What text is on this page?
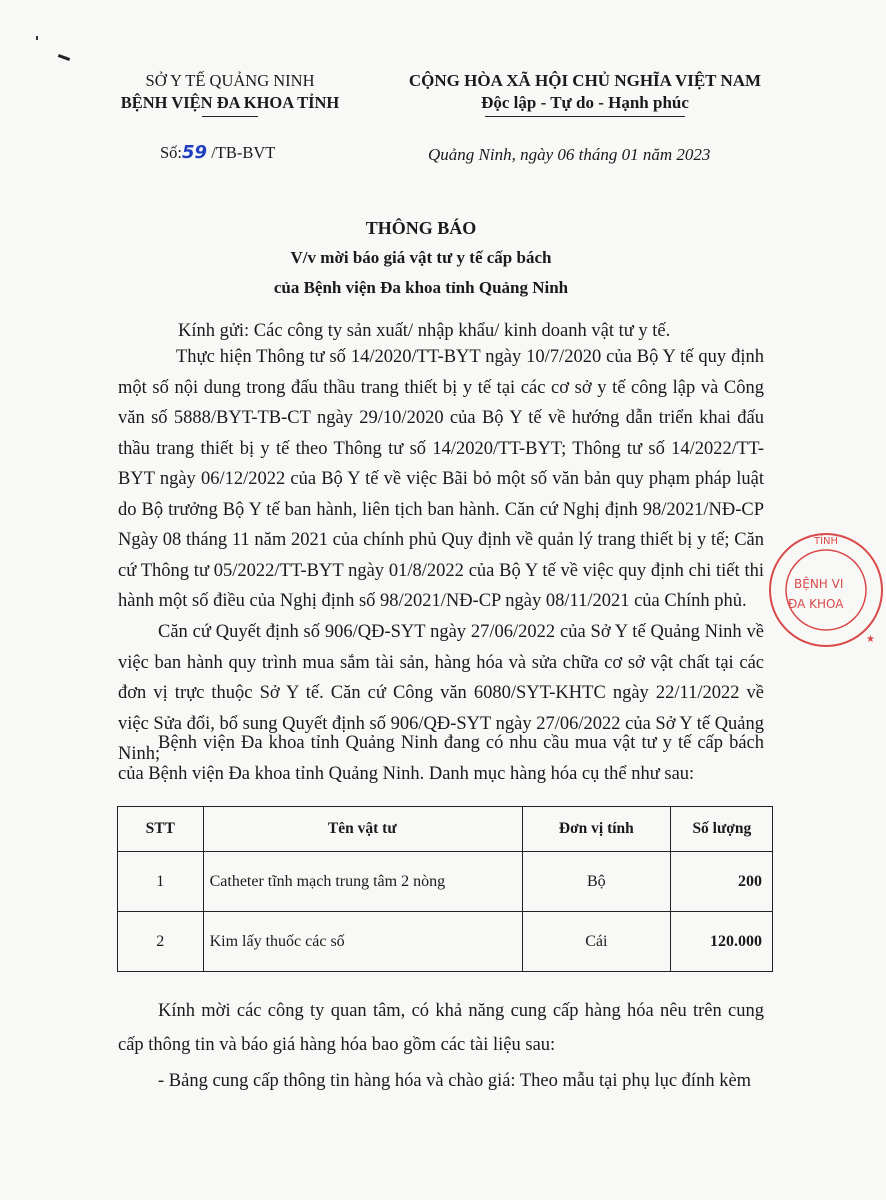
SỞ Y TẾ QUẢNG NINH
BỆNH VIỆN ĐA KHOA TỈNH
CỘNG HÒA XÃ HỘI CHỦ NGHĨA VIỆT NAM
Độc lập - Tự do - Hạnh phúc
Số:59 /TB-BVT	Quảng Ninh, ngày 06 tháng 01 năm 2023
THÔNG BÁO
V/v mời báo giá vật tư y tế cấp bách
của Bệnh viện Đa khoa tỉnh Quảng Ninh

Kính gửi: Các công ty sản xuất/ nhập khẩu/ kinh doanh vật tư y tế.

Thực hiện Thông tư số 14/2020/TT-BYT ngày 10/7/2020 của Bộ Y tế quy định một số nội dung trong đấu thầu trang thiết bị y tế tại các cơ sở y tế công lập và Công văn số 5888/BYT-TB-CT ngày 29/10/2020 của Bộ Y tế về hướng dẫn triển khai đấu thầu trang thiết bị y tế theo Thông tư số 14/2020/TT-BYT; Thông tư số 14/2022/TT-BYT ngày 06/12/2022 của Bộ Y tế về việc Bãi bỏ một số văn bản quy phạm pháp luật do Bộ trưởng Bộ Y tế ban hành, liên tịch ban hành. Căn cứ Nghị định 98/2021/NĐ-CP Ngày 08 tháng 11 năm 2021 của chính phủ Quy định về quản lý trang thiết bị y tế; Căn cứ Thông tư 05/2022/TT-BYT ngày 01/8/2022 của Bộ Y tế về việc quy định chi tiết thi hành một số điều của Nghị định số 98/2021/NĐ-CP ngày 08/11/2021 của Chính phủ.

Căn cứ Quyết định số 906/QĐ-SYT ngày 27/06/2022 của Sở Y tế Quảng Ninh về việc ban hành quy trình mua sắm tài sản, hàng hóa và sửa chữa cơ sở vật chất tại các đơn vị trực thuộc Sở Y tế. Căn cứ Công văn 6080/SYT-KHTC ngày 22/11/2022 về việc Sửa đổi, bổ sung Quyết định số 906/QĐ-SYT ngày 27/06/2022 của Sở Y tế Quảng Ninh;

Bệnh viện Đa khoa tỉnh Quảng Ninh đang có nhu cầu mua vật tư y tế cấp bách của Bệnh viện Đa khoa tỉnh Quảng Ninh. Danh mục hàng hóa cụ thể như sau:

STT	Tên vật tư	Đơn vị tính	Số lượng
1	Catheter tĩnh mạch trung tâm 2 nòng	Bộ	200
2	Kim lấy thuốc các số	Cái	120.000

Kính mời các công ty quan tâm, có khả năng cung cấp hàng hóa nêu trên cung cấp thông tin và báo giá hàng hóa bao gồm các tài liệu sau:

- Bảng cung cấp thông tin hàng hóa và chào giá: Theo mẫu tại phụ lục đính kèm

TỈNH
BỆNH VI
ĐA KHOA
★
